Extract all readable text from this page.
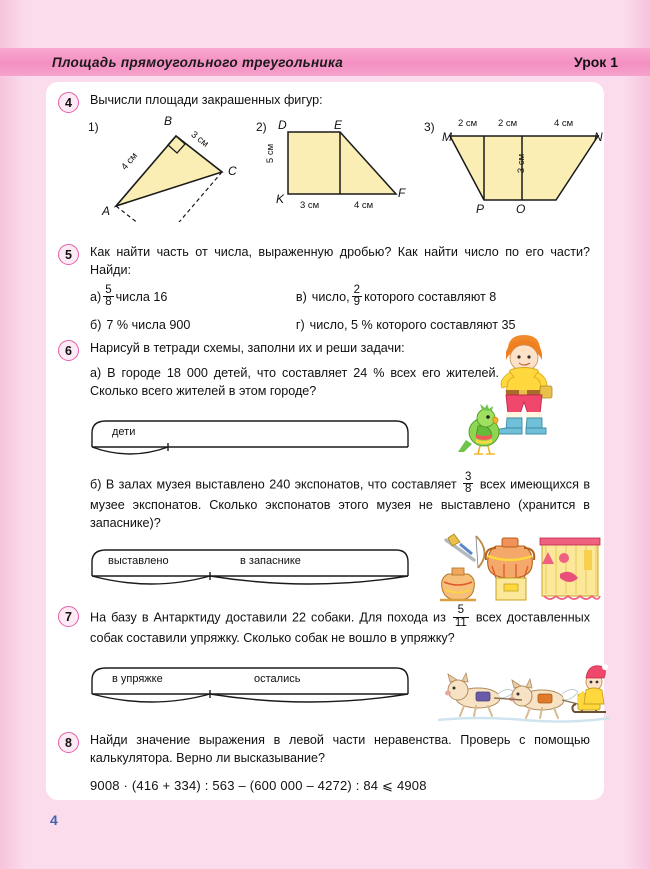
Площадь прямоугольного треугольника	Урок 1
4	Вычисли площади закрашенных фигур:
1)	B
C
A
4 см
3 см
2) D	E
F
K
5 см
3 см	4 см
3)
M	N
O
P
2 см 2 см	4 см
3 см
5	Как найти часть от числа, выраженную дробью? Как найти число по его части? Найди:
$а) \frac{5}{8}$ числа 16
б) 7 % числа 900
в) число, $\frac{2}{9}$ которого составляют 8
г) число, 5 % которого составляют 35
6	Нарисуй в тетради схемы, заполни их и реши задачи:
а) В городе 18 000 детей, что составляет 24 % всех его жителей. Сколько всего жителей в этом городе?
дети
б) В залах музея выставлено 240 экспонатов, что составляет $\frac{3}{8}$ всех имеющихся в музее экспонатов. Сколько экспонатов этого музея не выставлено (хранится в запаснике)?
выставлено	в запаснике
7	На базу в Антарктиду доставили 22 собаки. Для похода из $\frac{5}{11}$ всех доставленных собак составили упряжку. Сколько собак не вошло в упряжку?
в упряжке	остались
8	Найди значение выражения в левой части неравенства. Проверь с помощью калькулятора. Верно ли высказывание?
9008 · (416 + 334) : 563 – (600 000 – 4272) : 84 ⩽ 4908
4
